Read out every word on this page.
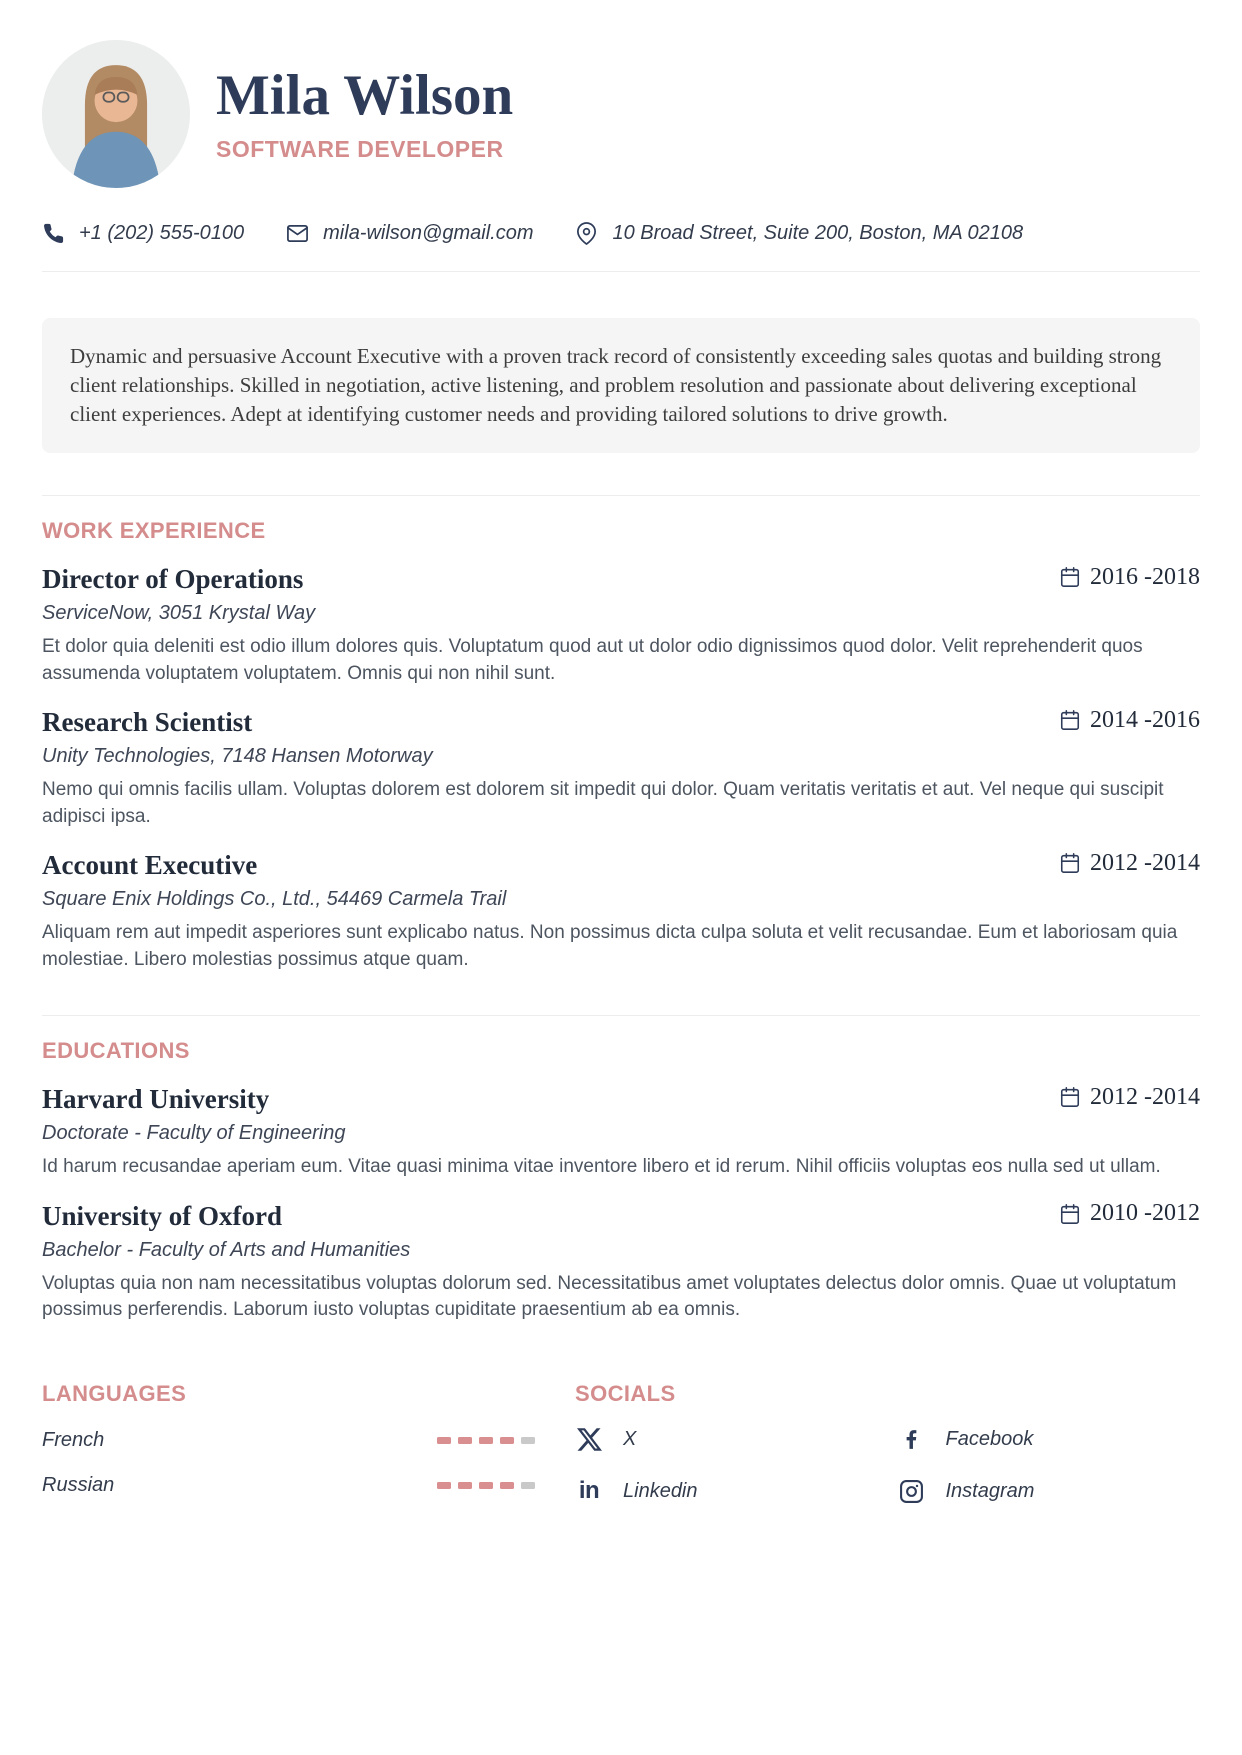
Mila Wilson
SOFTWARE DEVELOPER
+1 (202) 555-0100	mila-wilson@gmail.com	10 Broad Street, Suite 200, Boston, MA 02108
Dynamic and persuasive Account Executive with a proven track record of consistently exceeding sales quotas and building strong client relationships. Skilled in negotiation, active listening, and problem resolution and passionate about delivering exceptional client experiences. Adept at identifying customer needs and providing tailored solutions to drive growth.
WORK EXPERIENCE
Director of Operations	2016 -2018
ServiceNow, 3051 Krystal Way
Et dolor quia deleniti est odio illum dolores quis. Voluptatum quod aut ut dolor odio dignissimos quod dolor. Velit reprehenderit quos assumenda voluptatem voluptatem. Omnis qui non nihil sunt.
Research Scientist	2014 -2016
Unity Technologies, 7148 Hansen Motorway
Nemo qui omnis facilis ullam. Voluptas dolorem est dolorem sit impedit qui dolor. Quam veritatis veritatis et aut. Vel neque qui suscipit adipisci ipsa.
Account Executive	2012 -2014
Square Enix Holdings Co., Ltd., 54469 Carmela Trail
Aliquam rem aut impedit asperiores sunt explicabo natus. Non possimus dicta culpa soluta et velit recusandae. Eum et laboriosam quia molestiae. Libero molestias possimus atque quam.
EDUCATIONS
Harvard University	2012 -2014
Doctorate - Faculty of Engineering
Id harum recusandae aperiam eum. Vitae quasi minima vitae inventore libero et id rerum. Nihil officiis voluptas eos nulla sed ut ullam.
University of Oxford	2010 -2012
Bachelor - Faculty of Arts and Humanities
Voluptas quia non nam necessitatibus voluptas dolorum sed. Necessitatibus amet voluptates delectus dolor omnis. Quae ut voluptatum possimus perferendis. Laborum iusto voluptas cupiditate praesentium ab ea omnis.
LANGUAGES
French
Russian
SOCIALS
X	Facebook
in Linkedin	Instagram
